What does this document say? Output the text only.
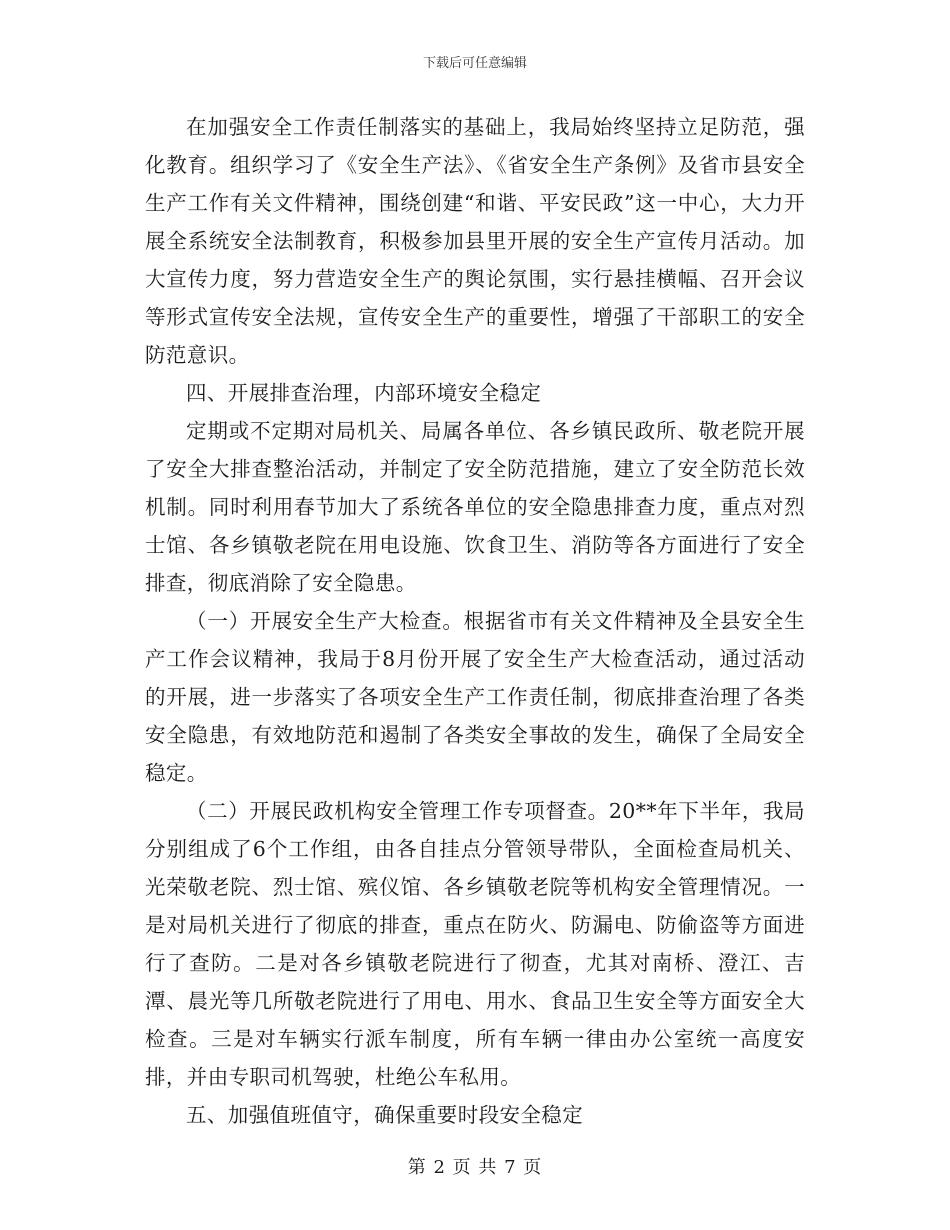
下载后可任意编辑

在加强安全工作责任制落实的基础上，我局始终坚持立足防范，强化教育。组织学习了《安全生产法》、《省安全生产条例》及省市县安全生产工作有关文件精神，围绕创建“和谐、平安民政”这一中心，大力开展全系统安全法制教育，积极参加县里开展的安全生产宣传月活动。加大宣传力度，努力营造安全生产的舆论氛围，实行悬挂横幅、召开会议等形式宣传安全法规，宣传安全生产的重要性，增强了干部职工的安全防范意识。

四、开展排查治理，内部环境安全稳定

定期或不定期对局机关、局属各单位、各乡镇民政所、敬老院开展了安全大排查整治活动，并制定了安全防范措施，建立了安全防范长效机制。同时利用春节加大了系统各单位的安全隐患排查力度，重点对烈士馆、各乡镇敬老院在用电设施、饮食卫生、消防等各方面进行了安全排查，彻底消除了安全隐患。

（一）开展安全生产大检查。根据省市有关文件精神及全县安全生产工作会议精神，我局于8月份开展了安全生产大检查活动，通过活动的开展，进一步落实了各项安全生产工作责任制，彻底排查治理了各类安全隐患，有效地防范和遏制了各类安全事故的发生，确保了全局安全稳定。

（二）开展民政机构安全管理工作专项督查。20**年下半年，我局分别组成了6个工作组，由各自挂点分管领导带队，全面检查局机关、光荣敬老院、烈士馆、殡仪馆、各乡镇敬老院等机构安全管理情况。一是对局机关进行了彻底的排查，重点在防火、防漏电、防偷盗等方面进行了查防。二是对各乡镇敬老院进行了彻查，尤其对南桥、澄江、吉潭、晨光等几所敬老院进行了用电、用水、食品卫生安全等方面安全大检查。三是对车辆实行派车制度，所有车辆一律由办公室统一高度安排，并由专职司机驾驶，杜绝公车私用。

五、加强值班值守，确保重要时段安全稳定

第 2 页 共 7 页
